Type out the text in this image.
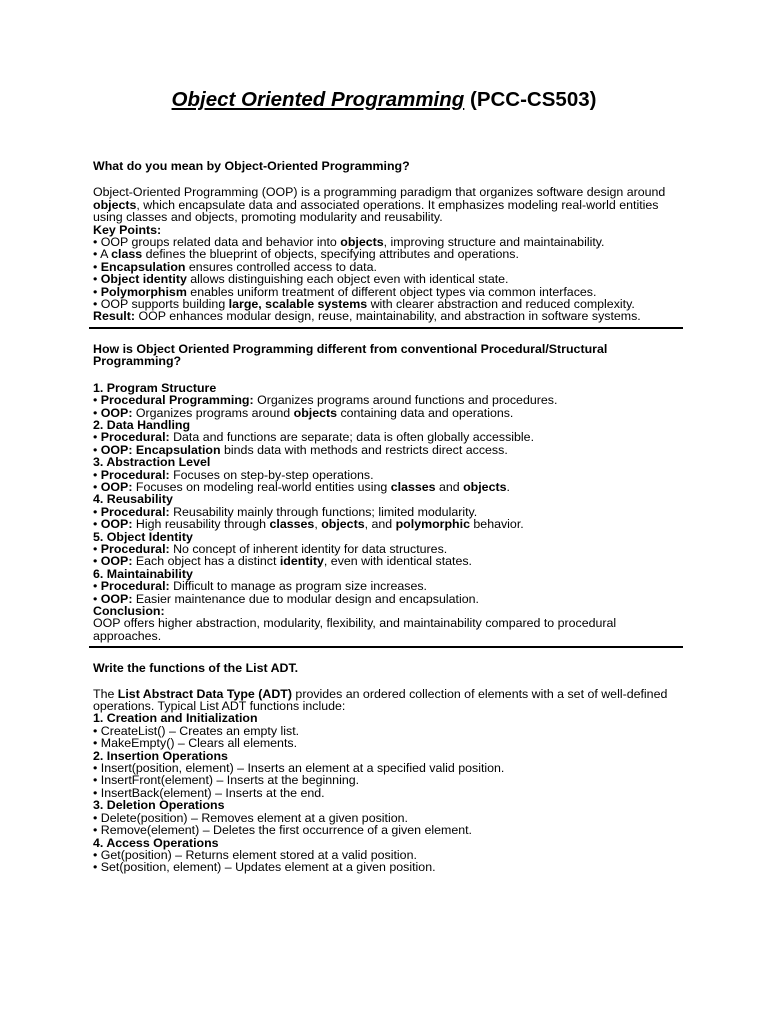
Object Oriented Programming (PCC-CS503)

What do you mean by Object-Oriented Programming?

Object-Oriented Programming (OOP) is a programming paradigm that organizes software design around objects, which encapsulate data and associated operations. It emphasizes modeling real-world entities using classes and objects, promoting modularity and reusability.

Key Points:

• OOP groups related data and behavior into objects, improving structure and maintainability.

• A class defines the blueprint of objects, specifying attributes and operations.

• Encapsulation ensures controlled access to data.

• Object identity allows distinguishing each object even with identical state.

• Polymorphism enables uniform treatment of different object types via common interfaces.

• OOP supports building large, scalable systems with clearer abstraction and reduced complexity.

Result: OOP enhances modular design, reuse, maintainability, and abstraction in software systems.

How is Object Oriented Programming different from conventional Procedural/Structural Programming?

1. Program Structure

• Procedural Programming: Organizes programs around functions and procedures.

• OOP: Organizes programs around objects containing data and operations.

2. Data Handling

• Procedural: Data and functions are separate; data is often globally accessible.

• OOP: Encapsulation binds data with methods and restricts direct access.

3. Abstraction Level

• Procedural: Focuses on step-by-step operations.

• OOP: Focuses on modeling real-world entities using classes and objects.

4. Reusability

• Procedural: Reusability mainly through functions; limited modularity.

• OOP: High reusability through classes, objects, and polymorphic behavior.

5. Object Identity

• Procedural: No concept of inherent identity for data structures.

• OOP: Each object has a distinct identity, even with identical states.

6. Maintainability

• Procedural: Difficult to manage as program size increases.

• OOP: Easier maintenance due to modular design and encapsulation.

Conclusion:

OOP offers higher abstraction, modularity, flexibility, and maintainability compared to procedural approaches.

Write the functions of the List ADT.

The List Abstract Data Type (ADT) provides an ordered collection of elements with a set of well-defined operations. Typical List ADT functions include:

1. Creation and Initialization

• CreateList() – Creates an empty list.

• MakeEmpty() – Clears all elements.

2. Insertion Operations

• Insert(position, element) – Inserts an element at a specified valid position.

• InsertFront(element) – Inserts at the beginning.

• InsertBack(element) – Inserts at the end.

3. Deletion Operations

• Delete(position) – Removes element at a given position.

• Remove(element) – Deletes the first occurrence of a given element.

4. Access Operations

• Get(position) – Returns element stored at a valid position.

• Set(position, element) – Updates element at a given position.
